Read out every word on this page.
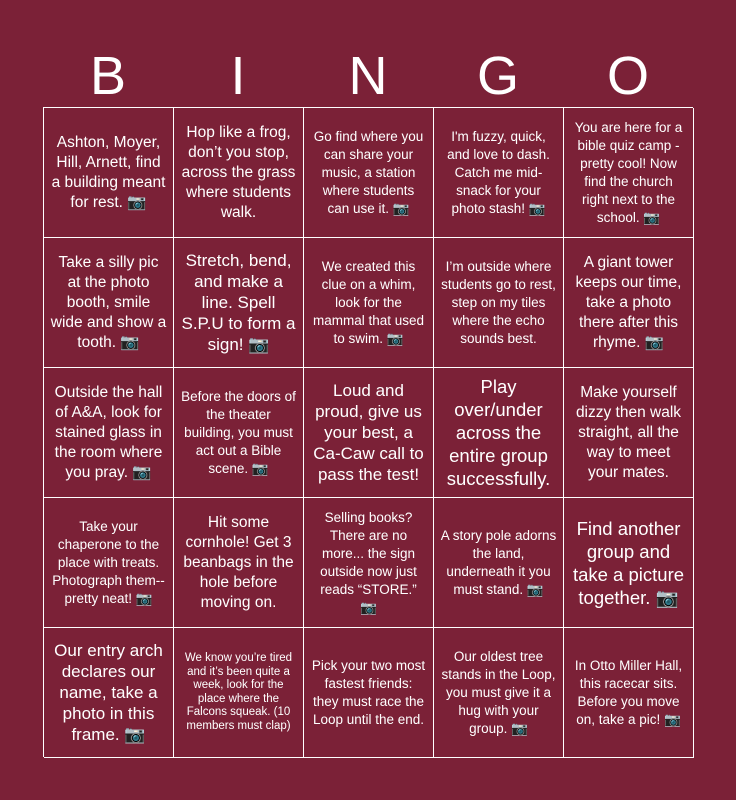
B	I	N	G	O
Ashton, Moyer, Hill, Arnett, find a building meant for rest. 📷
Hop like a frog, don’t you stop, across the grass where students walk.
Go find where you can share your music, a station where students can use it. 📷
I'm fuzzy, quick, and love to dash. Catch me mid-snack for your photo stash! 📷
You are here for a bible quiz camp - pretty cool! Now find the church right next to the school. 📷
Take a silly pic at the photo booth, smile wide and show a tooth. 📷
Stretch, bend, and make a line. Spell S.P.U to form a sign! 📷
We created this clue on a whim, look for the mammal that used to swim. 📷
I’m outside where students go to rest, step on my tiles where the echo sounds best.
A giant tower keeps our time, take a photo there after this rhyme. 📷
Outside the hall of A&A, look for stained glass in the room where you pray. 📷
Before the doors of the theater building, you must act out a Bible scene. 📷
Loud and proud, give us your best, a Ca-Caw call to pass the test!
Play over/under across the entire group successfully.
Make yourself dizzy then walk straight, all the way to meet your mates.
Take your chaperone to the place with treats. Photograph them--pretty neat! 📷
Hit some cornhole! Get 3 beanbags in the hole before moving on.
Selling books? There are no more... the sign outside now just reads “STORE.” 📷
A story pole adorns the land, underneath it you must stand. 📷
Find another group and take a picture together. 📷
Our entry arch declares our name, take a photo in this frame. 📷
We know you’re tired and it’s been quite a week, look for the place where the Falcons squeak. (10 members must clap)
Pick your two most fastest friends: they must race the Loop until the end.
Our oldest tree stands in the Loop, you must give it a hug with your group. 📷
In Otto Miller Hall, this racecar sits. Before you move on, take a pic! 📷
